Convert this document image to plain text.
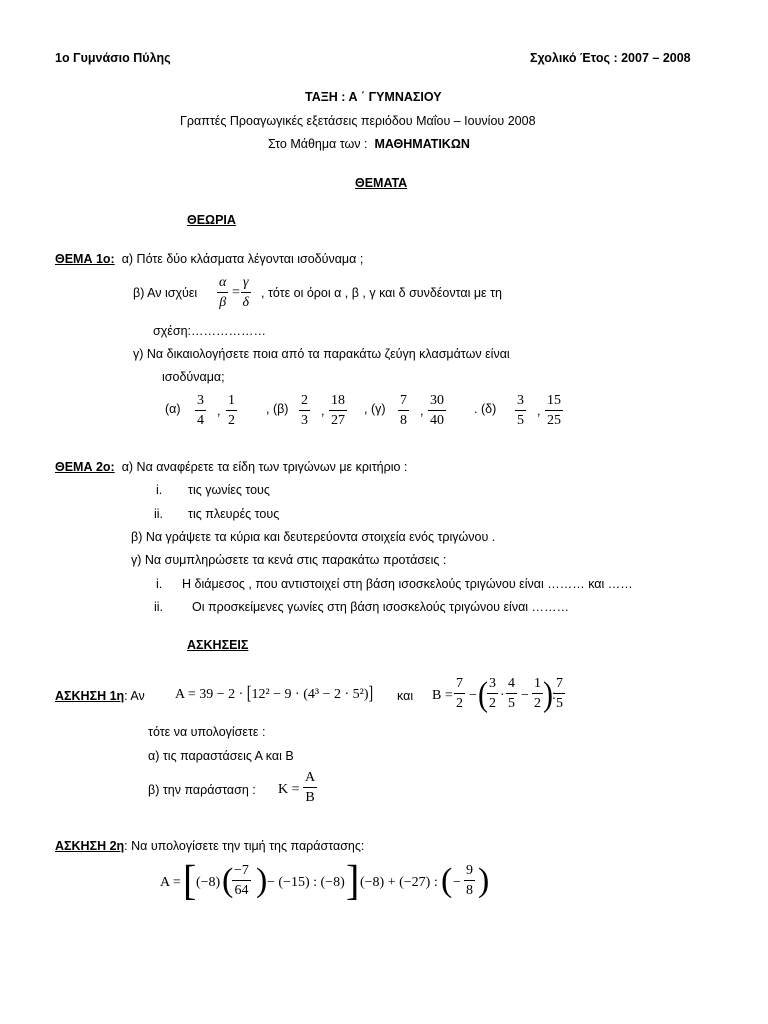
1ο Γυμνάσιο Πύλης	Σχολικό Έτος : 2007 – 2008
ΤΑΞΗ : Α ΄ ΓΥΜΝΑΣΙΟΥ
Γραπτές Προαγωγικές εξετάσεις περιόδου Μαΐου – Ιουνίου 2008
Στο Μάθημα των : ΜΑΘΗΜΑΤΙΚΩΝ
ΘΕΜΑΤΑ
ΘΕΩΡΙΑ
ΘΕΜΑ 1ο: α) Πότε δύο κλάσματα λέγονται ισοδύναμα ;
β) Αν ισχύει $\frac{\alpha}{\beta} = \frac{\gamma}{\delta}$ , τότε οι όροι α , β , γ και δ συνδέονται με τη
σχέση:………………
γ) Να δικαιολογήσετε ποια από τα παρακάτω ζεύγη κλασμάτων είναι
ισοδύναμα;
$(\alpha) \frac{3}{4}$ , $\frac{1}{2}$ , $(\beta) \frac{2}{3}$ , $\frac{18}{27}$ , $(\gamma) \frac{7}{8}$ , $\frac{30}{40}$ . $(\delta) \frac{3}{5}$ , $\frac{15}{25}$
ΘΕΜΑ 2ο: α) Να αναφέρετε τα είδη των τριγώνων με κριτήριο :
i. τις γωνίες τους
ii. τις πλευρές τους
β) Να γράψετε τα κύρια και δευτερεύοντα στοιχεία ενός τριγώνου .
γ) Να συμπληρώσετε τα κενά στις παρακάτω προτάσεις :
i. Η διάμεσος , που αντιστοιχεί στη βάση ισοσκελούς τριγώνου είναι ……… και ……
ii. Οι προσκείμενες γωνίες στη βάση ισοσκελούς τριγώνου είναι ………
ΑΣΚΗΣΕΙΣ
ΑΣΚΗΣΗ 1η: Αν A = 39 − 2 · [12² − 9 · (4³ − 2 · 5²)] και $B = \frac{7}{2}$ − ( $\frac{3}{2} \cdot \frac{4}{5} - \frac{1}{2}$ ) :
$\frac{7}{5}$
τότε να υπολογίσετε :
α) τις παραστάσεις Α και Β
β) την παράσταση : $K = \frac{A}{B}$
ΑΣΚΗΣΗ 2η: Να υπολογίσετε την τιμή της παράστασης:
A = [ (−8) (
$\frac{-7}{64}$ ) − (−15) : (−8) ] (−8) + (−27) : ( − $\frac{9}{8}$ )
